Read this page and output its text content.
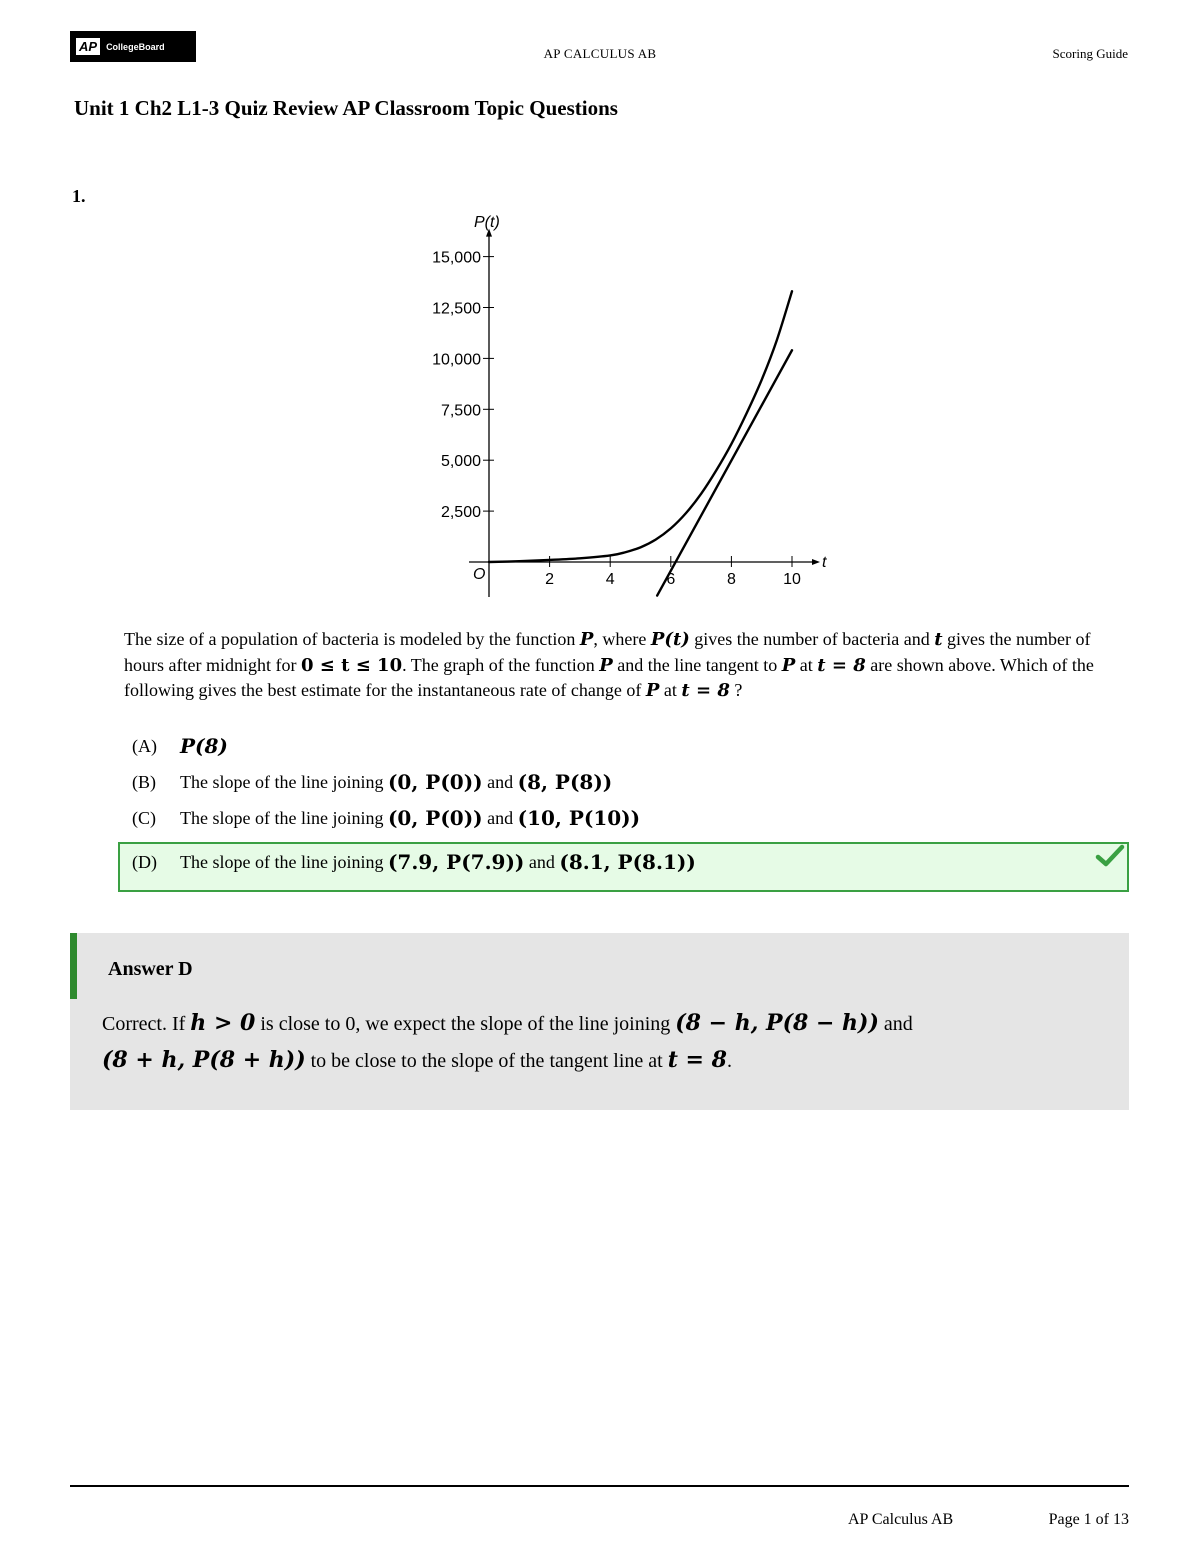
AP	CollegeBoard	AP CALCULUS AB	Scoring Guide
Unit 1 Ch2 L1-3 Quiz Review AP Classroom Topic Questions
1.
P(t)
t
O
2,500
5,000
7,500
10,000
12,500
15,000
2	4	6	8	10
The size of a population of bacteria is modeled by the function P, where P(t) gives the number of bacteria and t gives the number of hours after midnight for 0 ≤ t ≤ 10. The graph of the function P and the line tangent to P at t = 8 are shown above. Which of the following gives the best estimate for the instantaneous rate of change of P at t = 8 ?
(A)	P(8)
(B)	The slope of the line joining (0, P(0)) and (8, P(8))
(C)	The slope of the line joining (0, P(0)) and (10, P(10))
(D)	The slope of the line joining (7.9, P(7.9)) and (8.1, P(8.1))
Answer D
Correct. If h > 0 is close to 0, we expect the slope of the line joining (8 − h, P(8 − h)) and
(8 + h, P(8 + h)) to be close to the slope of the tangent line at t = 8.
AP Calculus AB	Page 1 of 13
